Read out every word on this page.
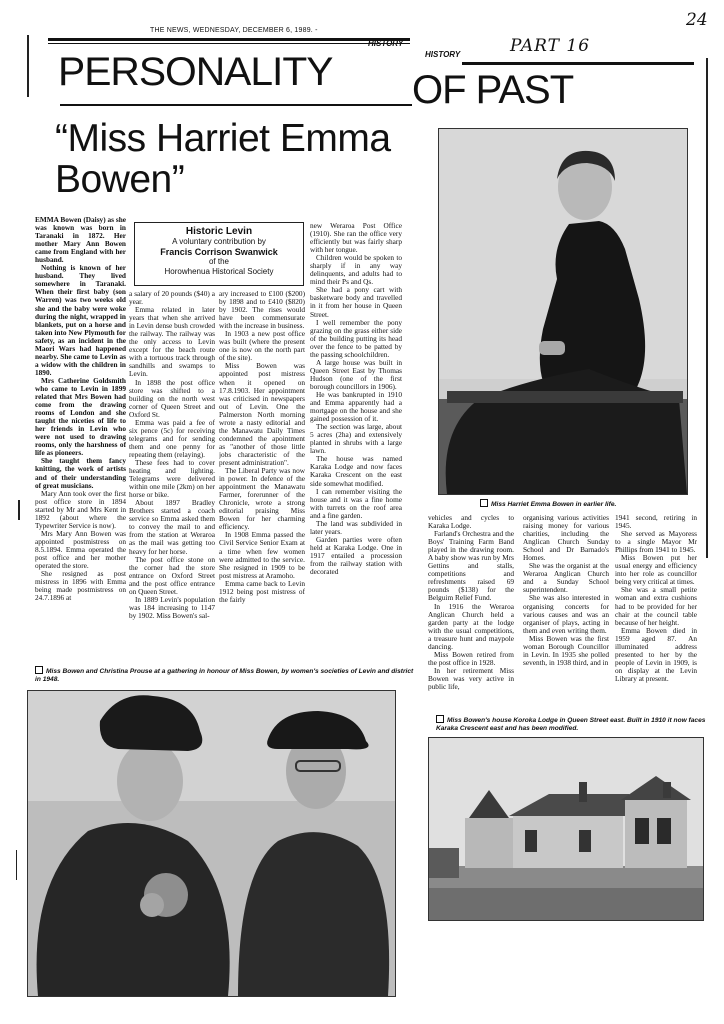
24
THE NEWS, WEDNESDAY, DECEMBER 6, 1989. -
HISTORY	PART 16
HISTORY
PERSONALITY OF PAST
“Miss Harriet Emma Bowen”
Historic Levin
A voluntary contribution by
Francis Corrison Swanwick
of the
Horowhenua Historical Society

EMMA Bowen (Daisy) as she was known was born in Taranaki in 1872. Her mother Mary Ann Bowen came from England with her husband.

Nothing is known of her husband. They lived somewhere in Taranaki. When their first baby (son Warren) was two weeks old she and the baby were woke during the night, wrapped in blankets, put on a horse and taken into New Plymouth for safety, as an incident in the Maori Wars had happened nearby. She came to Levin as a widow with the children in 1890.

Mrs Catherine Goldsmith who came to Levin in 1899 related that Mrs Bowen had come from the drawing rooms of London and she taught the niceties of life to her friends in Levin who were not used to drawing rooms, only the harshness of life as pioneers.

She taught them fancy knitting, the work of artists and of their understanding of great musicians.

Mary Ann took over the first post office store in 1894 started by Mr and Mrs Kent in 1892 (about where the Typewriter Service is now).

Mrs Mary Ann Bowen was appointed postmistress on 8.5.1894. Emma operated the post office and her mother operated the store.

She resigned as post mistress in 1896 with Emma being made postmistress on 24.7.1896 at

a salary of 20 pounds ($40) a year.

Emma related in later years that when she arrived in Levin dense bush crowded the railway. The railway was the only access to Levin except for the beach route with a tortuous track through sandhills and swamps to Levin.

In 1898 the post office store was shifted to a building on the north west corner of Queen Street and Oxford St.

Emma was paid a fee of six pence (5c) for receiving telegrams and for sending them and one penny for repeating them (relaying).

These fees had to cover heating and lighting. Telegrams were delivered within one mile (2km) on her horse or bike.

About 1897 Bradley Brothers started a coach service so Emma asked them to convey the mail to and from the station at Weraroa as the mail was getting too heavy for her horse.

The post office stone on the corner had the store entrance on Oxford Street and the post office entrance on Queen Street.

In 1889 Levin's population was 184 increasing to 1147 by 1902. Miss Bowen's sal-

ary increased to £100 ($200) by 1898 and to £410 ($820) by 1902. The rises would have been commensurate with the increase in business.

In 1903 a new post office was built (where the present one is now on the north part of the site).

Miss Bowen was appointed post mistress when it opened on 17.8.1903. Her appointment was criticised in newspapers out of Levin. One the Palmerston North morning wrote a nasty editorial and the Manawatu Daily Times condemned the apointment as "another of those little jobs characteristic of the present administration".

The Liberal Party was now in power. In defence of the appointment the Manawatu Farmer, forerunner of the Chronicle, wrote a strong editorial praising Miss Bowen for her charming efficiency.

In 1908 Emma passed the Civil Service Senior Exam at a time when few women were admitted to the service. She resigned in 1909 to be post mistress at Aramoho.

Emma came back to Levin 1912 being post mistress of the fairly

new Weraroa Post Office (1910). She ran the office very efficiently but was fairly sharp with her tongue.

Children would be spoken to sharply if in any way delinquents, and adults had to mind their Ps and Qs.

She had a pony cart with basketware body and travelled in it from her house in Queen Street.

I well remember the pony grazing on the grass either side of the building putting its head over the fence to be patted by the passing schoolchildren.

A large house was built in Queen Street East by Thomas Hudson (one of the first borough councillors in 1906).

He was bankrupted in 1910 and Emma apparently had a mortgage on the house and she gained possession of it.

The section was large, about 5 acres (2ha) and extensively planted in shrubs with a large lawn.

The house was named Karaka Lodge and now faces Karaka Crescent on the east side somewhat modified.

I can remember visiting the house and it was a fine home with turrets on the roof area and a fine garden.

The land was subdivided in later years.

Garden parties were often held at Karaka Lodge. One in 1917 entailed a procession from the railway station with decorated

vehicles and cycles to Karaka Lodge.

Farland's Orchestra and the Boys' Training Farm Band played in the drawing room. A baby show was run by Mrs Gettins and stalls, competitions and refreshments raised 69 pounds ($138) for the Belguim Relief Fund.

In 1916 the Weraroa Anglican Church held a garden party at the lodge with the usual competitions, a treasure hunt and maypole dancing.

Miss Bowen retired from the post office in 1928.

In her retirement Miss Bowen was very active in public life,

organising various activities raising money for various charities, including the Anglican Church Sunday School and Dr Barnado's Homes.

She was the organist at the Weraroa Anglican Church and a Sunday School superintendent.

She was also interested in organising concerts for various causes and was an organiser of plays, acting in them and even writing them.

Miss Bowen was the first woman Borough Councillor in Levin. In 1935 she polled seventh, in 1938 third, and in

1941 second, retiring in 1945.

She served as Mayoress to a single Mayor Mr Phillips from 1941 to 1945.

Miss Bowen put her usual energy and efficiency into her role as councillor being very critical at times.

She was a small petite woman and extra cushions had to be provided for her chair at the council table because of her height.

Emma Bowen died in 1959 aged 87. An illuminated address presented to her by the people of Levin in 1909, is on display at the Levin Library at present.

Miss Harriet Emma Bowen in earlier life.
Miss Bowen and Christina Prouse at a gathering in honour of Miss Bowen, by women's societies of Levin and district in 1948.
Miss Bowen's house Koroka Lodge in Queen Street east. Built in 1910 it now faces Karaka Crescent east and has been modified.
